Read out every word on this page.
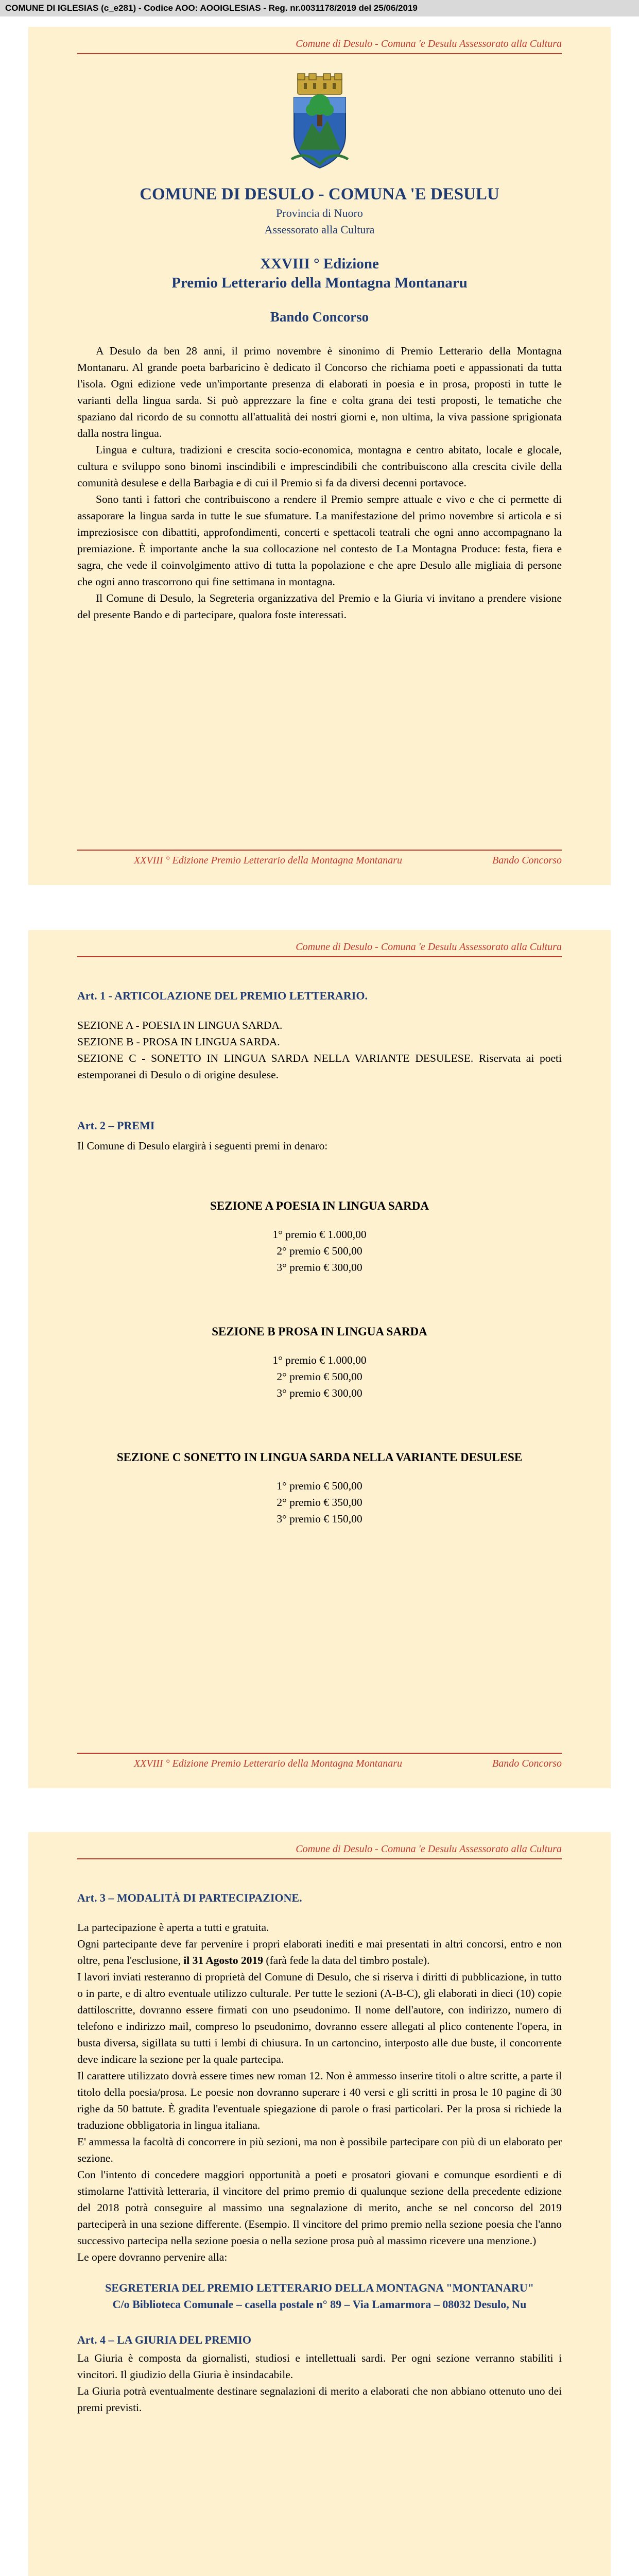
COMUNE DI IGLESIAS (c_e281) - Codice AOO: AOOIGLESIAS - Reg. nr.0031178/2019 del 25/06/2019
Comune di Desulo - Comuna 'e Desulu Assessorato alla Cultura
COMUNE DI DESULO - COMUNA 'E DESULU
Provincia di Nuoro
Assessorato alla Cultura
XXVIII ° Edizione
Premio Letterario della Montagna Montanaru
Bando Concorso

A Desulo da ben 28 anni, il primo novembre è sinonimo di Premio Letterario della Montagna Montanaru. Al grande poeta barbaricino è dedicato il Concorso che richiama poeti e appassionati da tutta l'isola. Ogni edizione vede un'importante presenza di elaborati in poesia e in prosa, proposti in tutte le varianti della lingua sarda. Si può apprezzare la fine e colta grana dei testi proposti, le tematiche che spaziano dal ricordo de su connottu all'attualità dei nostri giorni e, non ultima, la viva passione sprigionata dalla nostra lingua.

Lingua e cultura, tradizioni e crescita socio-economica, montagna e centro abitato, locale e glocale, cultura e sviluppo sono binomi inscindibili e imprescindibili che contribuiscono alla crescita civile della comunità desulese e della Barbagia e di cui il Premio si fa da diversi decenni portavoce.

Sono tanti i fattori che contribuiscono a rendere il Premio sempre attuale e vivo e che ci permette di assaporare la lingua sarda in tutte le sue sfumature. La manifestazione del primo novembre si articola e si impreziosisce con dibattiti, approfondimenti, concerti e spettacoli teatrali che ogni anno accompagnano la premiazione. È importante anche la sua collocazione nel contesto de La Montagna Produce: festa, fiera e sagra, che vede il coinvolgimento attivo di tutta la popolazione e che apre Desulo alle migliaia di persone che ogni anno trascorrono qui fine settimana in montagna.

Il Comune di Desulo, la Segreteria organizzativa del Premio e la Giuria vi invitano a prendere visione del presente Bando e di partecipare, qualora foste interessati.

XXVIII ° Edizione Premio Letterario della Montagna Montanaru	Bando Concorso
Comune di Desulo - Comuna 'e Desulu Assessorato alla Cultura
Art. 1 - ARTICOLAZIONE DEL PREMIO LETTERARIO.

SEZIONE A - POESIA IN LINGUA SARDA.

SEZIONE B - PROSA IN LINGUA SARDA.

SEZIONE C - SONETTO IN LINGUA SARDA NELLA VARIANTE DESULESE. Riservata ai poeti estemporanei di Desulo o di origine desulese.

Art. 2 – PREMI

Il Comune di Desulo elargirà i seguenti premi in denaro:

SEZIONE A POESIA IN LINGUA SARDA
1° premio € 1.000,00
2° premio € 500,00
3° premio € 300,00
SEZIONE B PROSA IN LINGUA SARDA
1° premio € 1.000,00
2° premio € 500,00
3° premio € 300,00
SEZIONE C SONETTO IN LINGUA SARDA NELLA VARIANTE DESULESE
1° premio € 500,00
2° premio € 350,00
3° premio € 150,00
XXVIII ° Edizione Premio Letterario della Montagna Montanaru	Bando Concorso
Comune di Desulo - Comuna 'e Desulu Assessorato alla Cultura
Art. 3 – MODALITÀ DI PARTECIPAZIONE.

La partecipazione è aperta a tutti e gratuita.

Ogni partecipante deve far pervenire i propri elaborati inediti e mai presentati in altri concorsi, entro e non oltre, pena l'esclusione, il 31 Agosto 2019 (farà fede la data del timbro postale).

I lavori inviati resteranno di proprietà del Comune di Desulo, che si riserva i diritti di pubblicazione, in tutto o in parte, e di altro eventuale utilizzo culturale. Per tutte le sezioni (A-B-C), gli elaborati in dieci (10) copie dattiloscritte, dovranno essere firmati con uno pseudonimo. Il nome dell'autore, con indirizzo, numero di telefono e indirizzo mail, compreso lo pseudonimo, dovranno essere allegati al plico contenente l'opera, in busta diversa, sigillata su tutti i lembi di chiusura. In un cartoncino, interposto alle due buste, il concorrente deve indicare la sezione per la quale partecipa.

Il carattere utilizzato dovrà essere times new roman 12. Non è ammesso inserire titoli o altre scritte, a parte il titolo della poesia/prosa. Le poesie non dovranno superare i 40 versi e gli scritti in prosa le 10 pagine di 30 righe da 50 battute. È gradita l'eventuale spiegazione di parole o frasi particolari. Per la prosa si richiede la traduzione obbligatoria in lingua italiana.

E' ammessa la facoltà di concorrere in più sezioni, ma non è possibile partecipare con più di un elaborato per sezione.

Con l'intento di concedere maggiori opportunità a poeti e prosatori giovani e comunque esordienti e di stimolarne l'attività letteraria, il vincitore del primo premio di qualunque sezione della precedente edizione del 2018 potrà conseguire al massimo una segnalazione di merito, anche se nel concorso del 2019 parteciperà in una sezione differente. (Esempio. Il vincitore del primo premio nella sezione poesia che l'anno successivo partecipa nella sezione poesia o nella sezione prosa può al massimo ricevere una menzione.)

Le opere dovranno pervenire alla:

SEGRETERIA DEL PREMIO LETTERARIO DELLA MONTAGNA "MONTANARU"
C/o Biblioteca Comunale – casella postale n° 89 – Via Lamarmora – 08032 Desulo, Nu
Art. 4 – LA GIURIA DEL PREMIO

La Giuria è composta da giornalisti, studiosi e intellettuali sardi. Per ogni sezione verranno stabiliti i vincitori. Il giudizio della Giuria è insindacabile.

La Giuria potrà eventualmente destinare segnalazioni di merito a elaborati che non abbiano ottenuto uno dei premi previsti.
